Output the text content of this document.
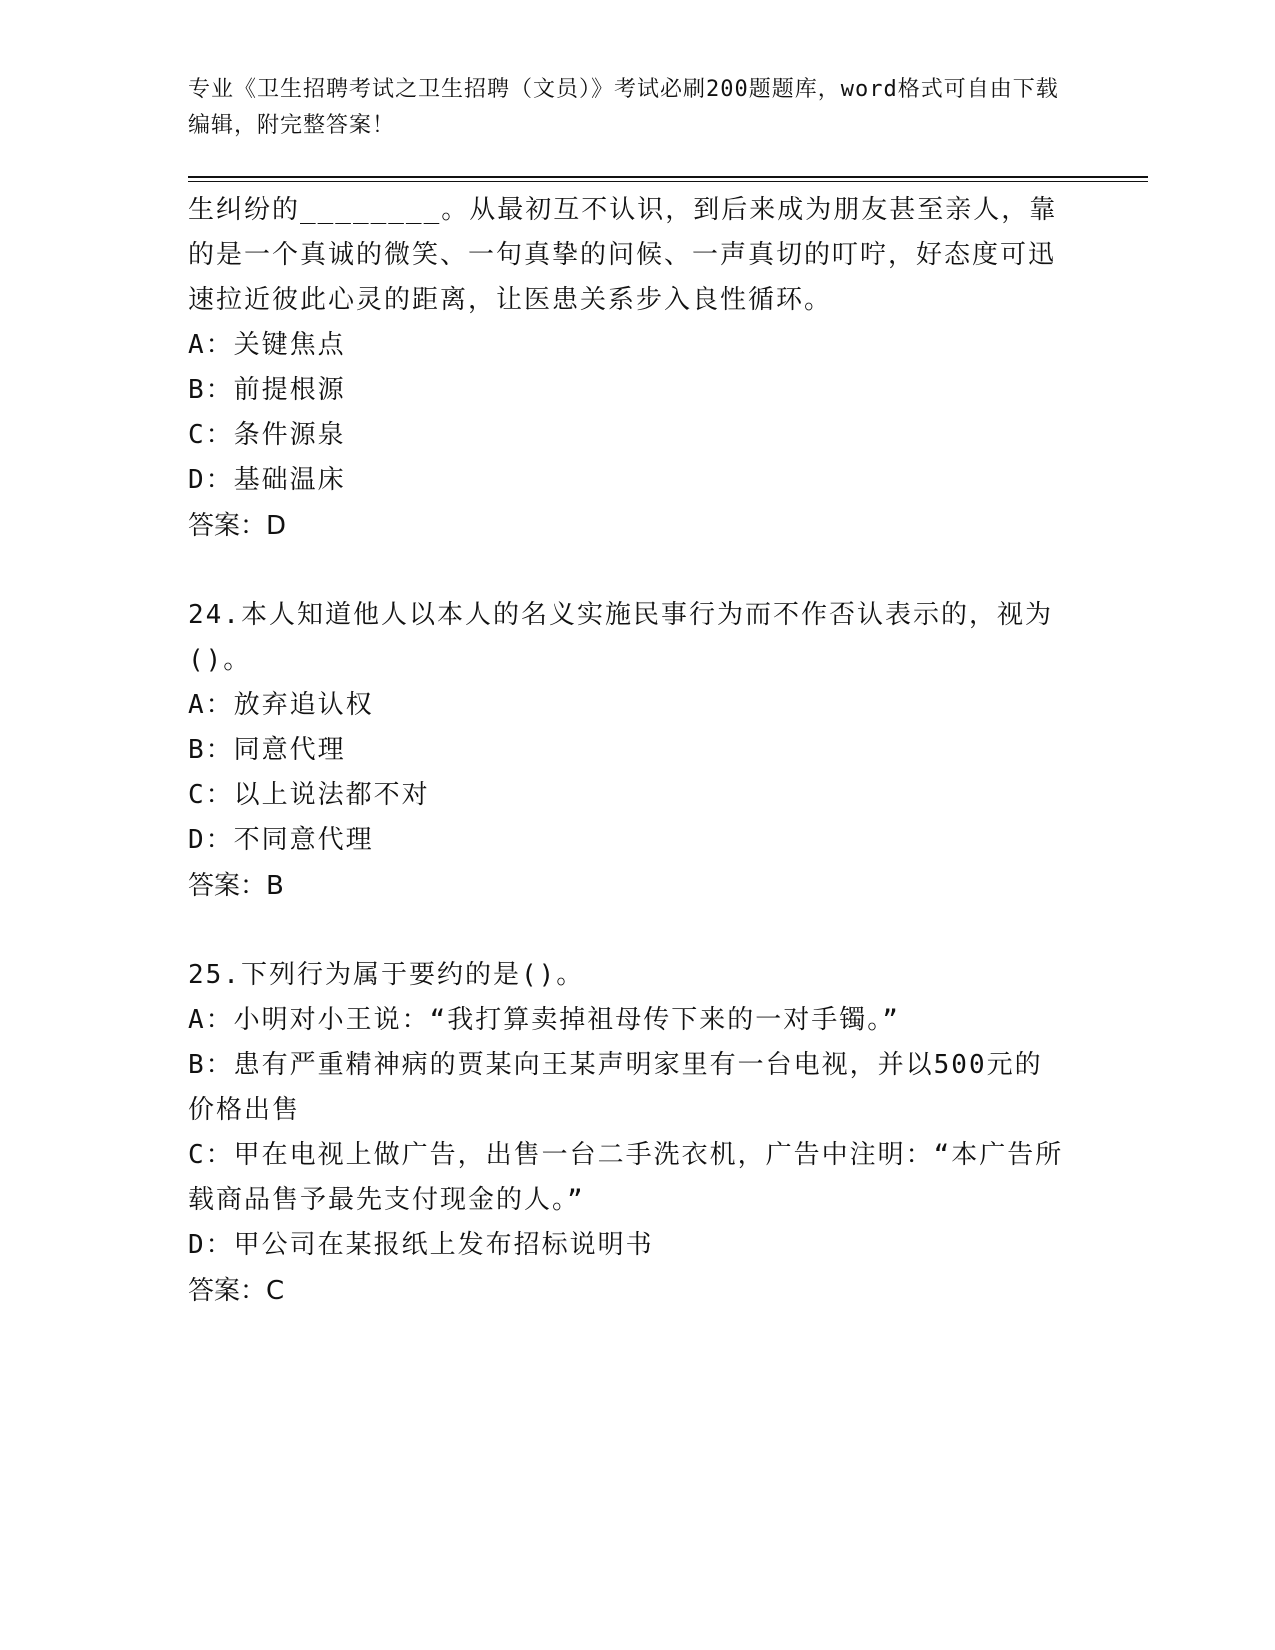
专业《卫生招聘考试之卫生招聘（文员）》考试必刷200题题库，word格式可自由下载编辑，附完整答案！

生纠纷的________。从最初互不认识，到后来成为朋友甚至亲人，靠的是一个真诚的微笑、一句真挚的问候、一声真切的叮咛，好态度可迅速拉近彼此心灵的距离，让医患关系步入良性循环。

A：关键焦点

B：前提根源

C：条件源泉

D：基础温床

答案：D

24.本人知道他人以本人的名义实施民事行为而不作否认表示的，视为()。

A：放弃追认权

B：同意代理

C：以上说法都不对

D：不同意代理

答案：B

25.下列行为属于要约的是()。

A：小明对小王说：“我打算卖掉祖母传下来的一对手镯。”

B：患有严重精神病的贾某向王某声明家里有一台电视，并以500元的价格出售

C：甲在电视上做广告，出售一台二手洗衣机，广告中注明：“本广告所载商品售予最先支付现金的人。”

D：甲公司在某报纸上发布招标说明书

答案：C
